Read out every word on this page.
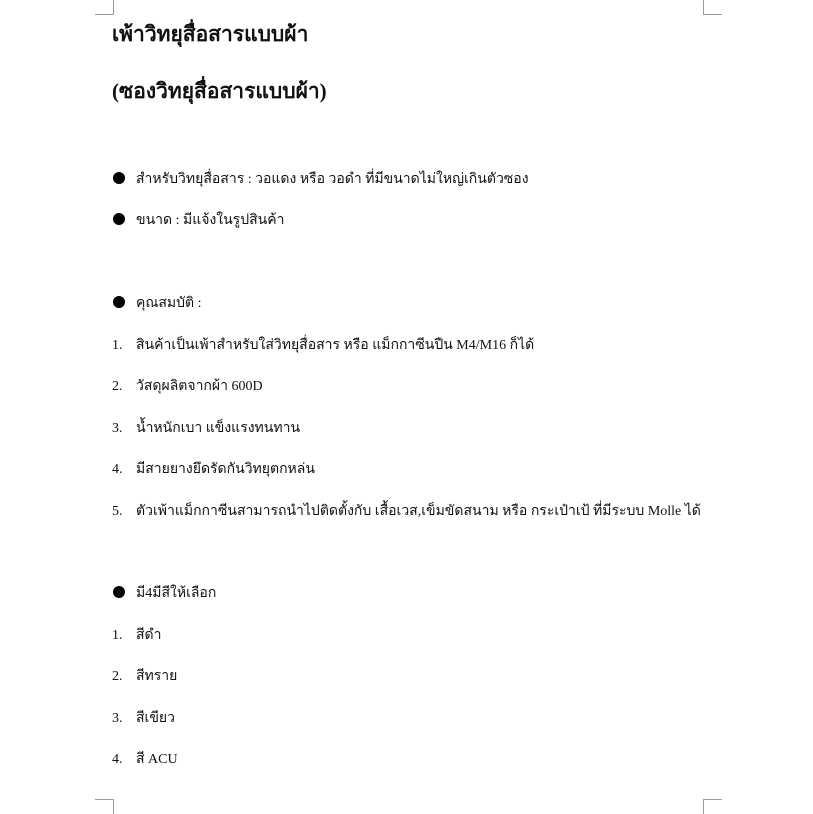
เพ้าวิทยุสื่อสารแบบผ้า
(ซองวิทยุสื่อสารแบบผ้า)
สำหรับวิทยุสื่อสาร : วอแดง หรือ วอดำ ที่มีขนาดไม่ใหญ่เกินตัวซอง
ขนาด : มีแจ้งในรูปสินค้า
คุณสมบัติ :
1. สินค้าเป็นเพ้าสำหรับใส่วิทยุสื่อสาร หรือ แม็กกาซีนปืน M4/M16 ก็ได้
2. วัสดุผลิตจากผ้า 600D
3. น้ำหนักเบา แข็งแรงทนทาน
4. มีสายยางยึดรัดกันวิทยุตกหล่น
5. ตัวเพ้าแม็กกาซีนสามารถนำไปติดตั้งกับ เสื้อเวส,เข็มขัดสนาม หรือ กระเป๋าเป้ ที่มีระบบ Molle ได้
มี4มีสีให้เลือก
1. สีดำ
2. สีทราย
3. สีเขียว
4. สี ACU
